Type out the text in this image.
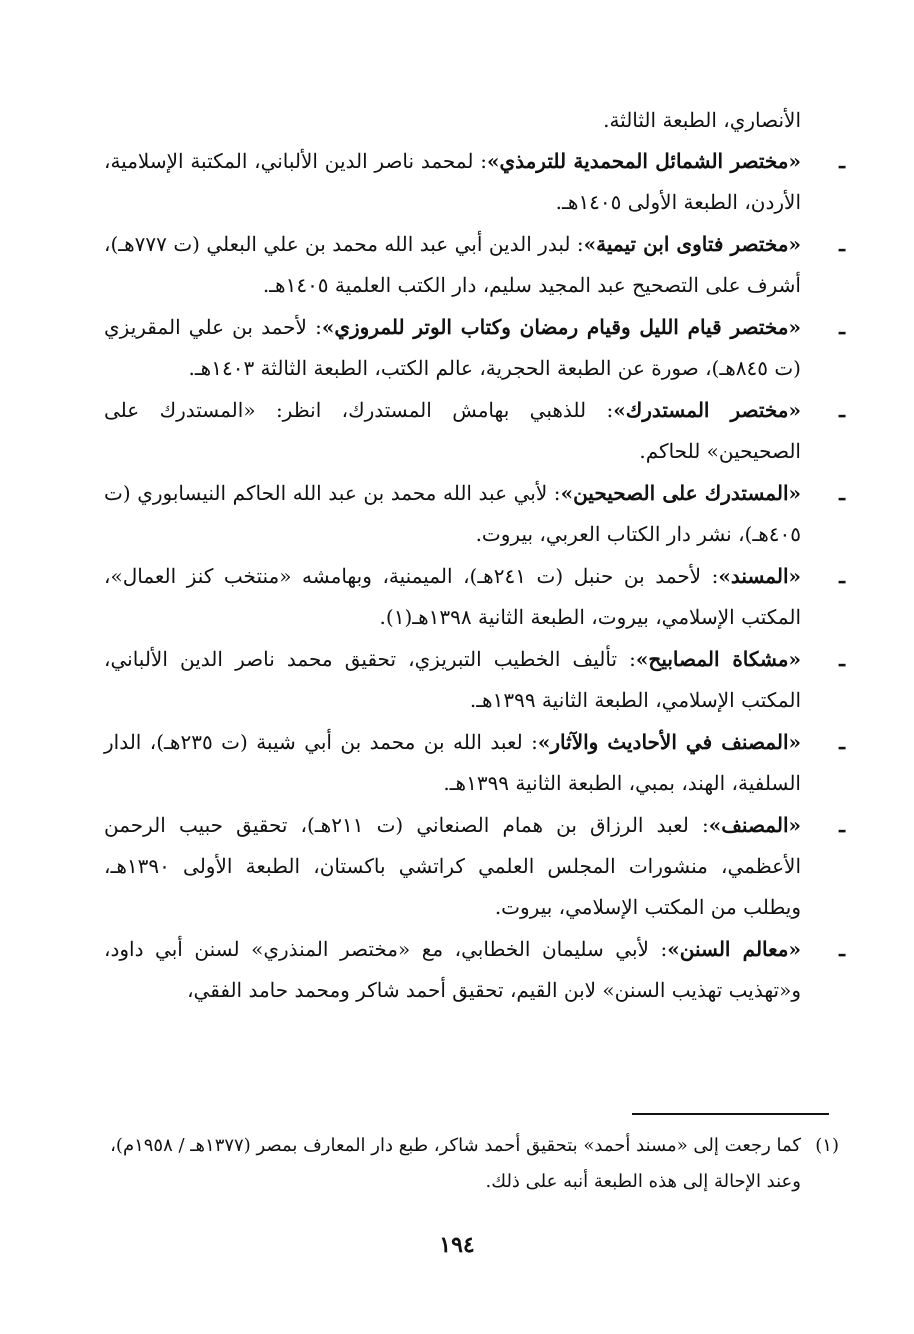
الأنصاري، الطبعة الثالثة.

ـ
«مختصر الشمائل المحمدية للترمذي»: لمحمد ناصر الدين الألباني، المكتبة الإسلامية، الأردن، الطبعة الأولى ١٤٠٥هـ.

ـ
«مختصر فتاوى ابن تيمية»: لبدر الدين أبي عبد الله محمد بن علي البعلي (ت ٧٧٧هـ)، أشرف على التصحيح عبد المجيد سليم، دار الكتب العلمية ١٤٠٥هـ.

ـ
«مختصر قيام الليل وقيام رمضان وكتاب الوتر للمروزي»: لأحمد بن علي المقريزي (ت ٨٤٥هـ)، صورة عن الطبعة الحجرية، عالم الكتب، الطبعة الثالثة ١٤٠٣هـ.

ـ
«مختصر المستدرك»: للذهبي بهامش المستدرك، انظر: «المستدرك على الصحيحين» للحاكم.

ـ
«المستدرك على الصحيحين»: لأبي عبد الله محمد بن عبد الله الحاكم النيسابوري (ت ٤٠٥هـ)، نشر دار الكتاب العربي، بيروت.

ـ
«المسند»: لأحمد بن حنبل (ت ٢٤١هـ)، الميمنية، وبهامشه «منتخب كنز العمال»، المكتب الإسلامي، بيروت، الطبعة الثانية ١٣٩٨هـ(١).

ـ
«مشكاة المصابيح»: تأليف الخطيب التبريزي، تحقيق محمد ناصر الدين الألباني، المكتب الإسلامي، الطبعة الثانية ١٣٩٩هـ.

ـ
«المصنف في الأحاديث والآثار»: لعبد الله بن محمد بن أبي شيبة (ت ٢٣٥هـ)، الدار السلفية، الهند، بمبي، الطبعة الثانية ١٣٩٩هـ.

ـ
«المصنف»: لعبد الرزاق بن همام الصنعاني (ت ٢١١هـ)، تحقيق حبيب الرحمن الأعظمي، منشورات المجلس العلمي كراتشي باكستان، الطبعة الأولى ١٣٩٠هـ، ويطلب من المكتب الإسلامي، بيروت.

ـ
«معالم السنن»: لأبي سليمان الخطابي، مع «مختصر المنذري» لسنن أبي داود، و«تهذيب تهذيب السنن» لابن القيم، تحقيق أحمد شاكر ومحمد حامد الفقي،

(١)

كما رجعت إلى «مسند أحمد» بتحقيق أحمد شاكر، طبع دار المعارف بمصر (١٣٧٧هـ / ١٩٥٨م)، وعند الإحالة إلى هذه الطبعة أنبه على ذلك.

١٩٤
